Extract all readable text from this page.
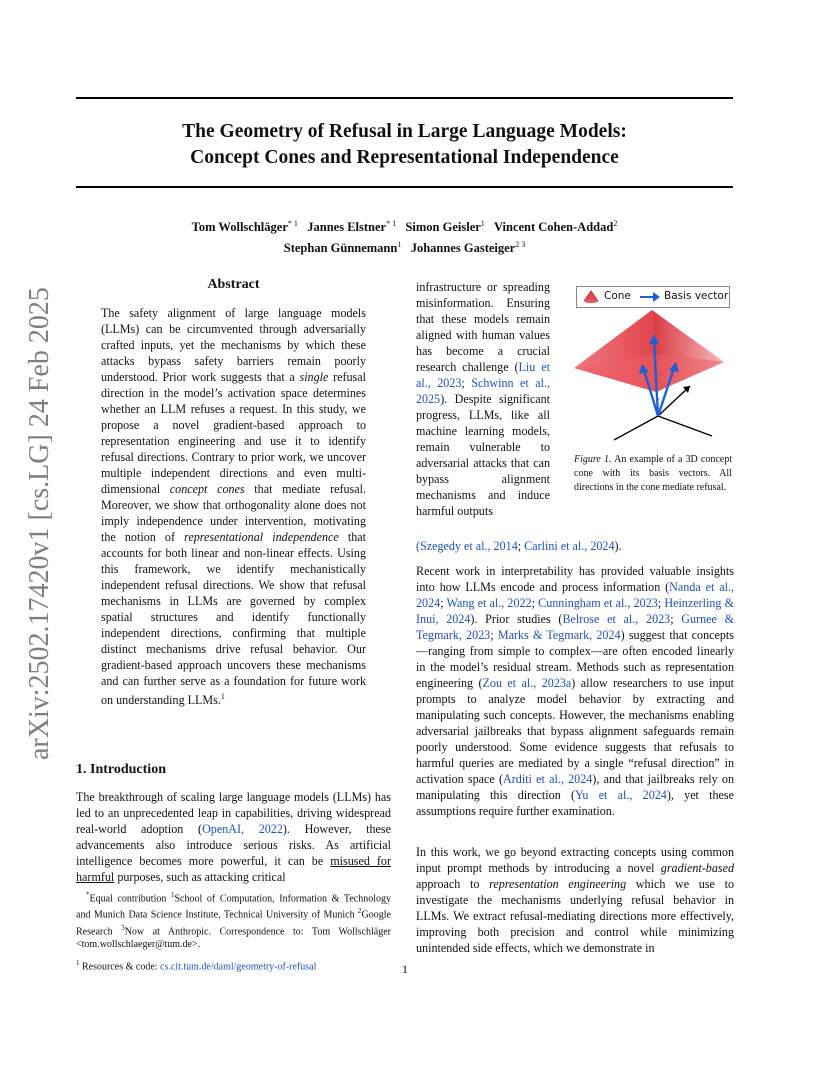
arXiv:2502.17420v1 [cs.LG] 24 Feb 2025
The Geometry of Refusal in Large Language Models:
Concept Cones and Representational Independence
Tom Wollschläger$^{* 1}$ Jannes Elstner$^{* 1}$ Simon Geisler$^1$ Vincent Cohen-Addad$^2$
Stephan Günnemann$^1$ Johannes Gasteiger$^{2 3}$
Abstract
The safety alignment of large language models (LLMs) can be circumvented through adversarially crafted inputs, yet the mechanisms by which these attacks bypass safety barriers remain poorly understood. Prior work suggests that a single refusal direction in the model’s activation space determines whether an LLM refuses a request. In this study, we propose a novel gradient-based approach to representation engineering and use it to identify refusal directions. Contrary to prior work, we uncover multiple independent directions and even multi-dimensional concept cones that mediate refusal. Moreover, we show that orthogonality alone does not imply independence under intervention, motivating the notion of representational independence that accounts for both linear and non-linear effects. Using this framework, we identify mechanistically independent refusal directions. We show that refusal mechanisms in LLMs are governed by complex spatial structures and identify functionally independent directions, confirming that multiple distinct mechanisms drive refusal behavior. Our gradient-based approach uncovers these mechanisms and can further serve as a foundation for future work on understanding LLMs.$^1$
1. Introduction
The breakthrough of scaling large language models (LLMs) has led to an unprecedented leap in capabilities, driving widespread real-world adoption (OpenAI, 2022). However, these advancements also introduce serious risks. As artificial intelligence becomes more powerful, it can be misused for harmful purposes, such as attacking critical
*Equal contribution $^1$School of Computation, Information & Technology and Munich Data Science Institute, Technical University of Munich $^2$Google Research $^3$Now at Anthropic. Correspondence to: Tom Wollschläger <tom.wollschlaeger@tum.de>.
$^1$ Resources & code: cs.cit.tum.de/daml/geometry-of-refusal
infrastructure or spreading misinformation. Ensuring that these models remain aligned with human values has become a crucial research challenge (Liu et al., 2023; Schwinn et al., 2025). Despite significant progress, LLMs, like all machine learning models, remain vulnerable to adversarial attacks that can bypass alignment mechanisms and induce harmful outputs
(Szegedy et al., 2014; Carlini et al., 2024).
Cone	Basis vector
Figure 1. An example of a 3D concept cone with its basis vectors. All directions in the cone mediate refusal.
Recent work in interpretability has provided valuable insights into how LLMs encode and process information (Nanda et al., 2024; Wang et al., 2022; Cunningham et al., 2023; Heinzerling & Inui, 2024). Prior studies (Belrose et al., 2023; Gurnee & Tegmark, 2023; Marks & Tegmark, 2024) suggest that concepts—ranging from simple to complex—are often encoded linearly in the model’s residual stream. Methods such as representation engineering (Zou et al., 2023a) allow researchers to use input prompts to analyze model behavior by extracting and manipulating such concepts. However, the mechanisms enabling adversarial jailbreaks that bypass alignment safeguards remain poorly understood. Some evidence suggests that refusals to harmful queries are mediated by a single “refusal direction” in activation space (Arditi et al., 2024), and that jailbreaks rely on manipulating this direction (Yu et al., 2024), yet these assumptions require further examination.
In this work, we go beyond extracting concepts using common input prompt methods by introducing a novel gradient-based approach to representation engineering which we use to investigate the mechanisms underlying refusal behavior in LLMs. We extract refusal-mediating directions more effectively, improving both precision and control while minimizing unintended side effects, which we demonstrate in
1
